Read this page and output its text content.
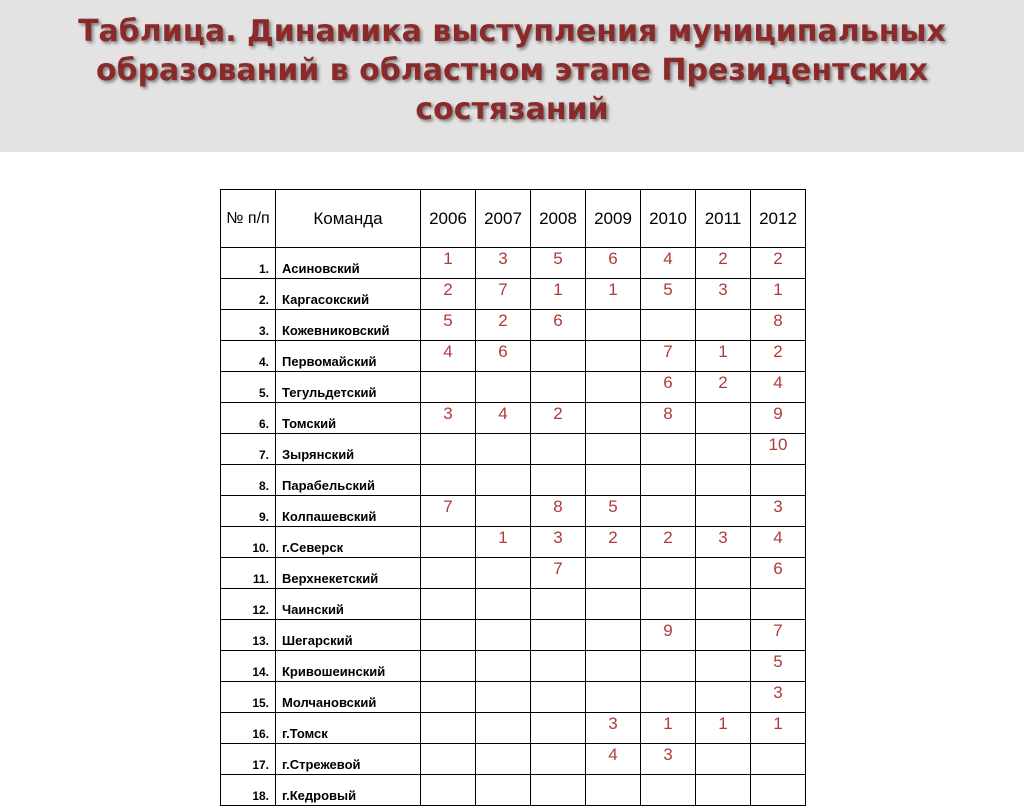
Таблица. Динамика выступления муниципальных образований в областном этапе Президентских состязаний
№ п/п	Команда	2006	2007	2008	2009	2010	2011	2012
1.	Асиновский	1	3	5	6	4	2	2
2.	Каргасокский	2	7	1	1	5	3	1
3.	Кожевниковский	5	2	6				8
4.	Первомайский	4	6			7	1	2
5.	Тегульдетский					6	2	4
6.	Томский	3	4	2		8		9
7.	Зырянский							10
8.	Парабельский							
9.	Колпашевский	7		8	5			3
10.	г.Северск		1	3	2	2	3	4
11.	Верхнекетский			7				6
12.	Чаинский							
13.	Шегарский					9		7
14.	Кривошеинский							5
15.	Молчановский							3
16.	г.Томск				3	1	1	1
17.	г.Стрежевой				4	3		
18.	г.Кедровый							
